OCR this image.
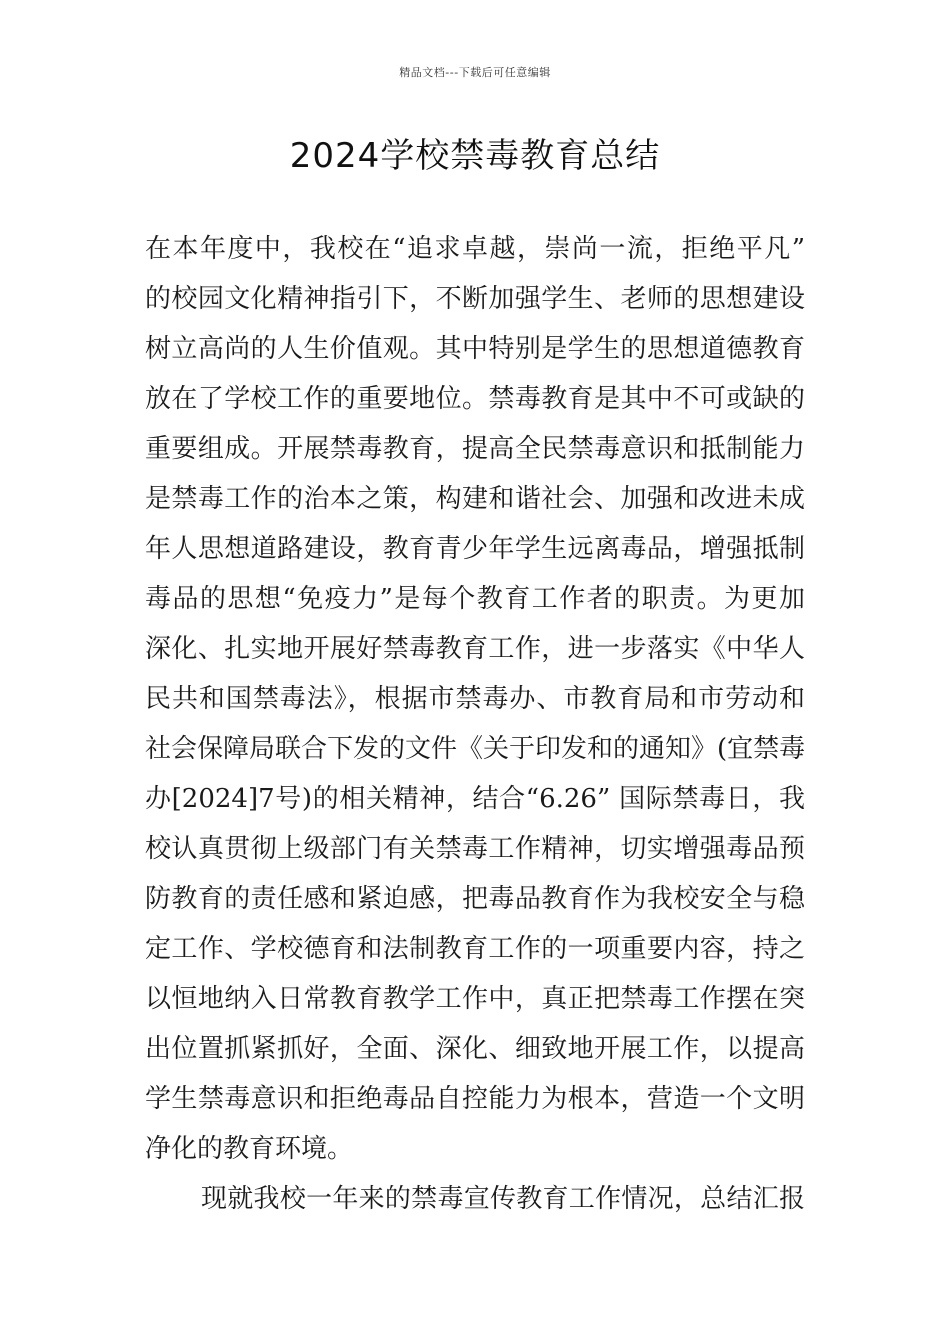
精品文档---下载后可任意编辑
2024学校禁毒教育总结
在本年度中，我校在“追求卓越，崇尚一流，拒绝平凡”
的校园文化精神指引下，不断加强学生、老师的思想建设
树立高尚的人生价值观。其中特别是学生的思想道德教育
放在了学校工作的重要地位。禁毒教育是其中不可或缺的
重要组成。开展禁毒教育，提高全民禁毒意识和抵制能力
是禁毒工作的治本之策，构建和谐社会、加强和改进未成
年人思想道路建设，教育青少年学生远离毒品，增强抵制
毒品的思想“免疫力”是每个教育工作者的职责。为更加
深化、扎实地开展好禁毒教育工作，进一步落实《中华人
民共和国禁毒法》，根据市禁毒办、市教育局和市劳动和
社会保障局联合下发的文件《关于印发和的通知》(宜禁毒
办[2024]7号)的相关精神，结合“6.26” 国际禁毒日，我
校认真贯彻上级部门有关禁毒工作精神，切实增强毒品预
防教育的责任感和紧迫感，把毒品教育作为我校安全与稳
定工作、学校德育和法制教育工作的一项重要内容，持之
以恒地纳入日常教育教学工作中，真正把禁毒工作摆在突
出位置抓紧抓好，全面、深化、细致地开展工作，以提高
学生禁毒意识和拒绝毒品自控能力为根本，营造一个文明
净化的教育环境。
现就我校一年来的禁毒宣传教育工作情况，总结汇报
